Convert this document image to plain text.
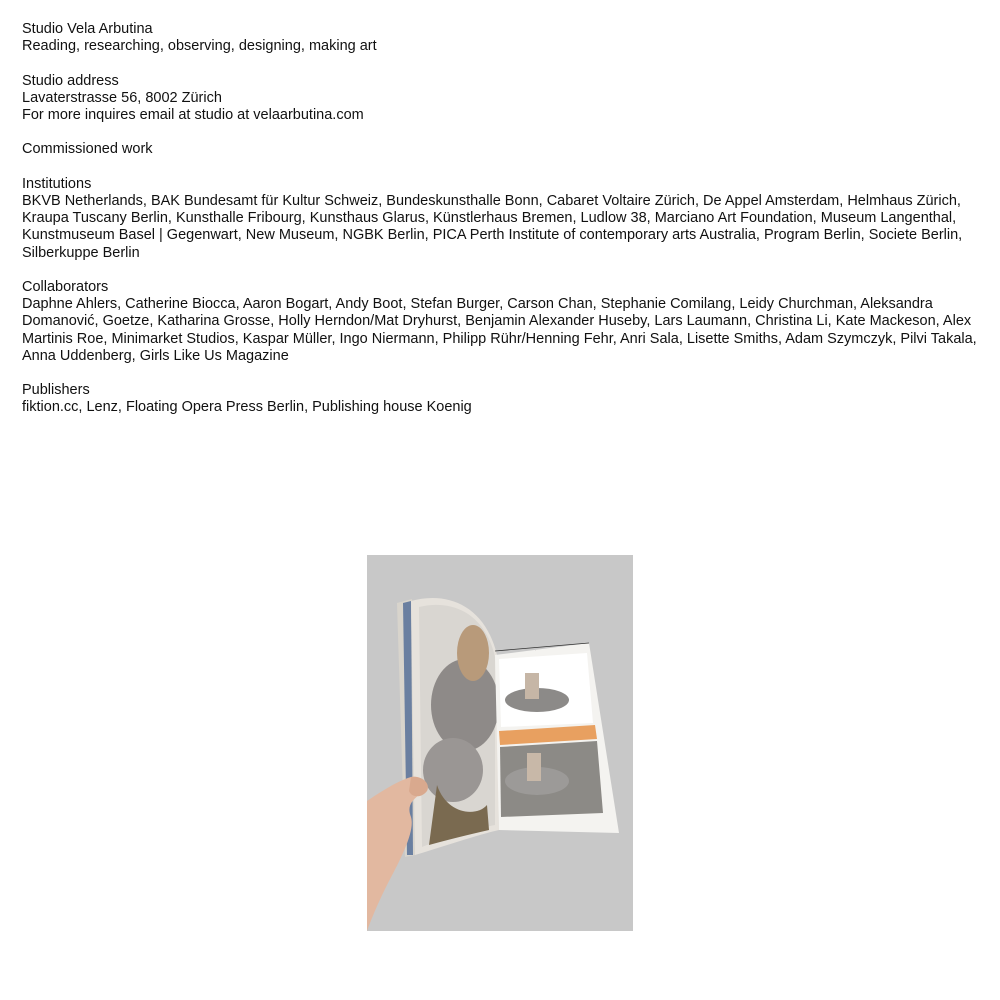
Studio Vela Arbutina
Reading, researching, observing, designing, making art
Studio address
Lavaterstrasse 56, 8002 Zürich
For more inquires email at studio at velaarbutina.com
Commissioned work
Institutions
BKVB Netherlands, BAK Bundesamt für Kultur Schweiz, Bundeskunsthalle Bonn, Cabaret Voltaire Zürich, De Appel Amsterdam, Helmhaus Zürich, Kraupa Tuscany Berlin, Kunsthalle Fribourg, Kunsthaus Glarus, Künstlerhaus Bremen, Ludlow 38, Marciano Art Foundation, Museum Langenthal, Kunstmuseum Basel | Gegenwart, New Museum, NGBK Berlin, PICA Perth Institute of contemporary arts Australia, Program Berlin, Societe Berlin, Silberkuppe Berlin
Collaborators
Daphne Ahlers, Catherine Biocca, Aaron Bogart, Andy Boot, Stefan Burger, Carson Chan, Stephanie Comilang, Leidy Churchman, Aleksandra Domanović, Goetze, Katharina Grosse, Holly Herndon/Mat Dryhurst, Benjamin Alexander Huseby, Lars Laumann, Christina Li, Kate Mackeson, Alex Martinis Roe, Minimarket Studios, Kaspar Müller, Ingo Niermann, Philipp Rühr/Henning Fehr, Anri Sala, Lisette Smiths, Adam Szymczyk, Pilvi Takala, Anna Uddenberg, Girls Like Us Magazine
Publishers
fiktion.cc, Lenz, Floating Opera Press Berlin, Publishing house Koenig
·
